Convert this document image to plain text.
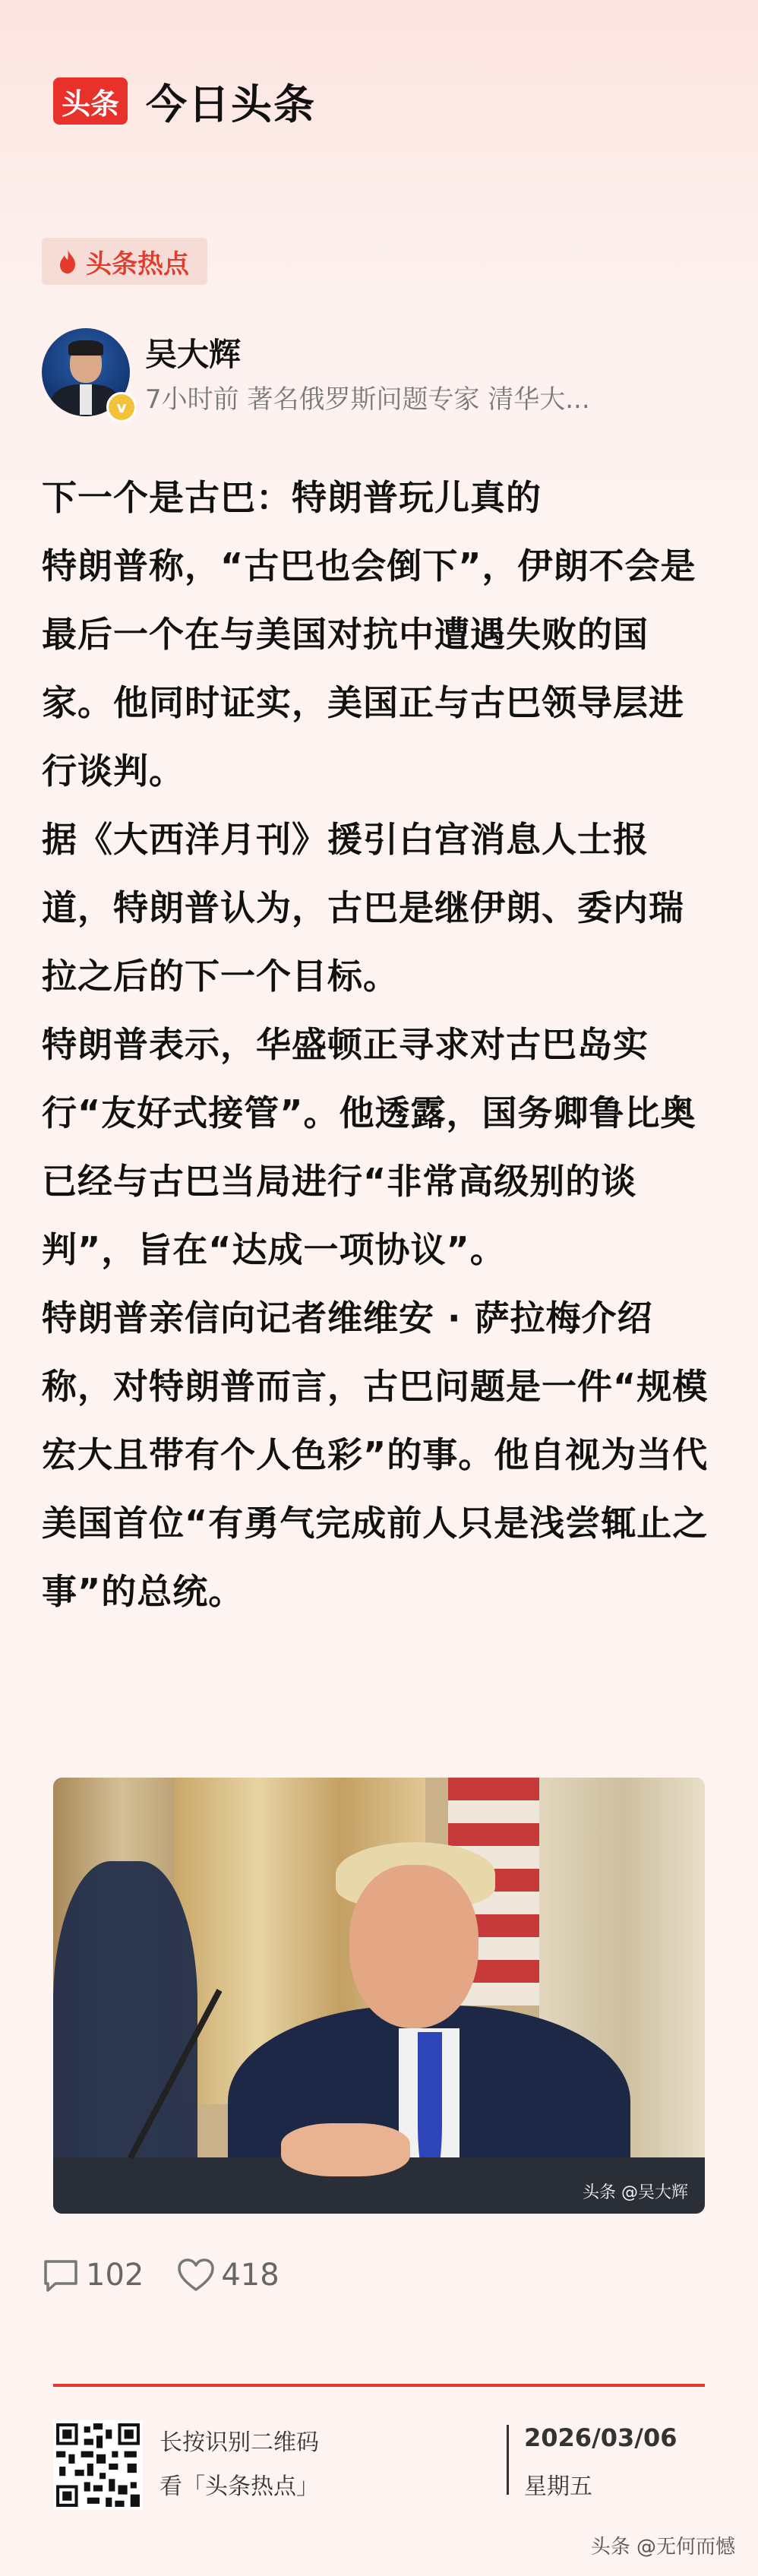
头条 今日头条
头条热点
v
吴大辉
7小时前 著名俄罗斯问题专家 清华大...

下一个是古巴：特朗普玩儿真的

特朗普称，“古巴也会倒下”，伊朗不会是最后一个在与美国对抗中遭遇失败的国家。他同时证实，美国正与古巴领导层进行谈判。

据《大西洋月刊》援引白宫消息人士报道，特朗普认为，古巴是继伊朗、委内瑞拉之后的下一个目标。

特朗普表示，华盛顿正寻求对古巴岛实行“友好式接管”。他透露，国务卿鲁比奥已经与古巴当局进行“非常高级别的谈判”，旨在“达成一项协议”。

特朗普亲信向记者维维安 · 萨拉梅介绍称，对特朗普而言，古巴问题是一件“规模宏大且带有个人色彩”的事。他自视为当代美国首位“有勇气完成前人只是浅尝辄止之事”的总统。

头条 @吴大辉
102	418
长按识别二维码
看「头条热点」
2026/03/06
星期五
头条 @无何而憾
